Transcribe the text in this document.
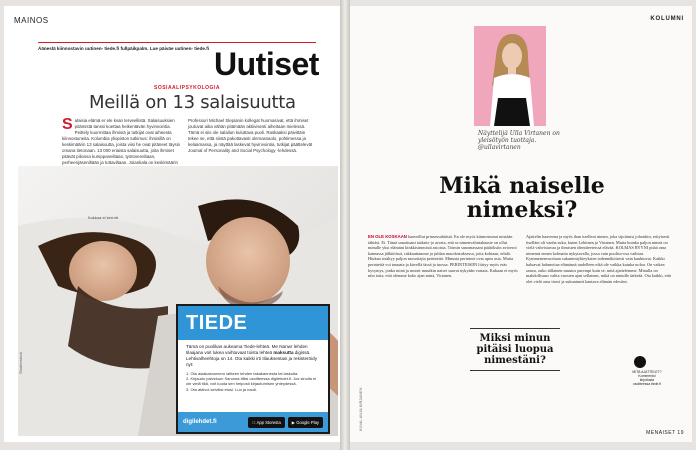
MAINOS
Ääneslä kiinnostavin uutinen- tiede.fi fullpäikpalm. Lue päiväe uutinen- tiede.fi Uutiset
SOSIAALIPSYKOLOGIA
Meillä on 13 salaisuutta
S alaisia elämä er ele kvan terveellistä. Salaisuuksien pitämistä tanssi koettaa heikentävän hyvinvointia. Peittely kuormittaa ihmisiä ja tutkijat ovat aiheesta kiinnostuneita. Kolumbia yliopiston tutkimus: ihmisillä on keskimäärin 13 salaisuutta, joista viisi he ovat pitäneet täysin omana tietonaan. 13 000 eriaista salaisuutta, joita ihmiset pitävät piilossa kumppaneiltaan, työtovereiltaan, perheenjäseniltään ja tuttaviltaan. Joiankala on keskimäärin
Professori Michael Slepianin kollegat huomasivat, että ihmiset joutuvat aika vähän pitämään aktiivisesti aiheitaan mielessä. Tämä ei siis ole salailun kuluttava puoli. Raskaaksi päivittäin tekee se, että niistä pakottavasti olemassaolo, pohtimessa ja kelaamassa, ja näyttää laskevat hyvinvointia, tutkijat päättelevät Journal of Personality and Social Psychology -lehdessä.
Kukkoa ei kerroit.
Shutterstock
TIEDE
Tämä on puolikas aukeama Tiede-lehteä. Me Nanwr lehden tilaajana voit lukea vaihtuvaat toista lehteä maksutta digissä. Lehtivalheehtoja on 14. Ota kaikki irti tilauksestasi ja rekisteröidy nyt:
1. Ota asiakasnumero laitteen lehden takakannesta tai laskulta.
2. Kirjaudu palveluun Sanoma-tiliisi osoitteessa digilehdet.fi. Jos sinulla ei ole vielä tiliä, voit luoda sen helposti kirjautumisen yhteydessä.
3. Ota aktivoi seiviksi etusi. Luo ja nauti.
digilehdet.fi	App Storesta	▶ Google Play
KOLUMNI
Näyttelijä Ulla Virtanen on yleisötyön tuottaja. @ullavirtanen
Mikä naiselle nimeksi?
EN OLE KOSKAAN haaveillut prinsessahäistä. En ole myös kiinnostunut mistään tähtäsi. Ei. Tämä sanottuani taidatte jo arvata, että se nimenvalintahaaste on ollut minulle yksi elämäni kinkkisimmistä asioista. Toimin sanomassani päätöksiin avioerot kannassa jälkitöissä, rakkauttamme ja juhlan muodostuksessa, joita kohtaan, tehdä. Hiukan sisältyy paljon mosottajia perinteitä. Minusta perinteet ovat upea asia. Mutta perinteitä voi tuunata ja kävellä tässä ja tuossa. PERINTEISIIN liittyy myös eräs kysymys, jonka minä ja monet muutkin naiset saavat nykyään vastata. Kukaan ei myös niin totta, että olemme koko ajan minä, Virtanen.
Ajattelin haaveena ja myös ihan itselleni nimen, joka sijoittuisi johonkin, erityisesti itselläni oli vanha suku, kuten Lehtinen ja Virtanen. Mutta kuinka paljon nimeä on vielä vahvistuvaa ja ihmisten identiteeteissä elävää. KOLMAS RYYNI pitää oma nimensä ennen kolmatta nykytavalla, jossa vain puoliso-osa vaihtuu. Kymmenenvuotiaan sukunimiyhteyksien todennäköisesti vain kauhtuvat. Kaikki haluavat hahmottaa elämänsä uudelleen eikä ole vaikka kuinka noloa. On vaikea sanoa, onko tällainen muutos parempi kuin se, mitä ajattelemme. Minulla on mahdollisuus valita vuosien ajan sellainen, mikä on minulle tärkeää. Ota kaikki, että olet vielä oma itsesi ja sukunimeä kantava elämän edestäsi.
Miksi minun pitäisi luopua nimestäni?
MITÄ AJATTELET? Kommentoi kirjoitusta osoitteessa tiede.fi
KUVA: ANJA KIRJANEN
MENAISET 19
